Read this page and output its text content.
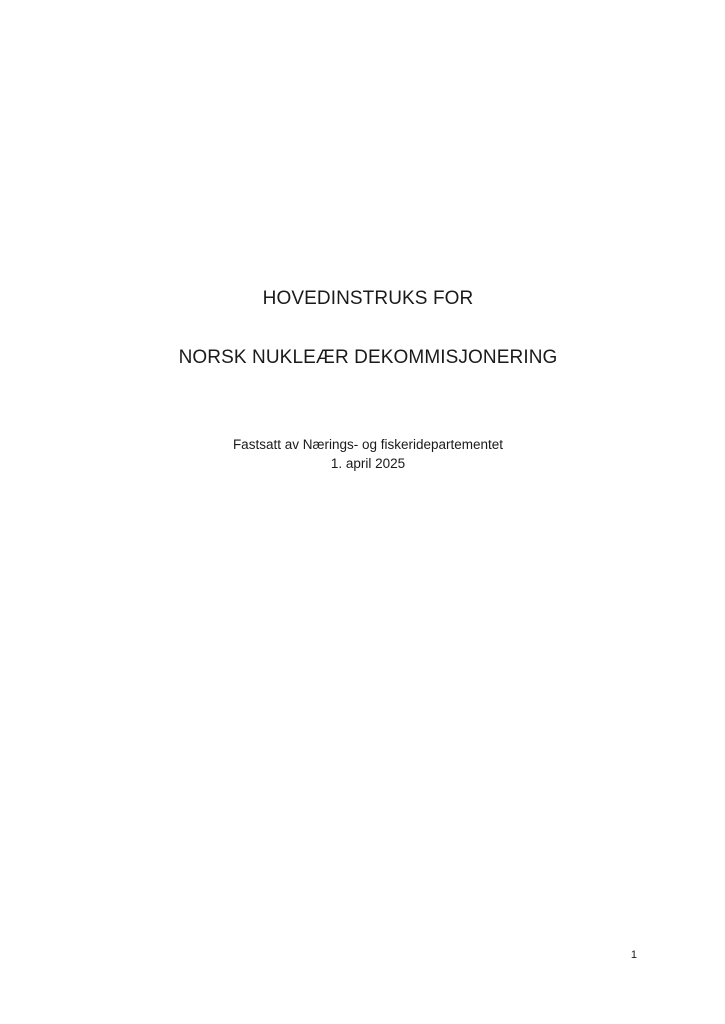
HOVEDINSTRUKS FOR
NORSK NUKLEÆR DEKOMMISJONERING
Fastsatt av Nærings- og fiskeridepartementet
1. april 2025
1
